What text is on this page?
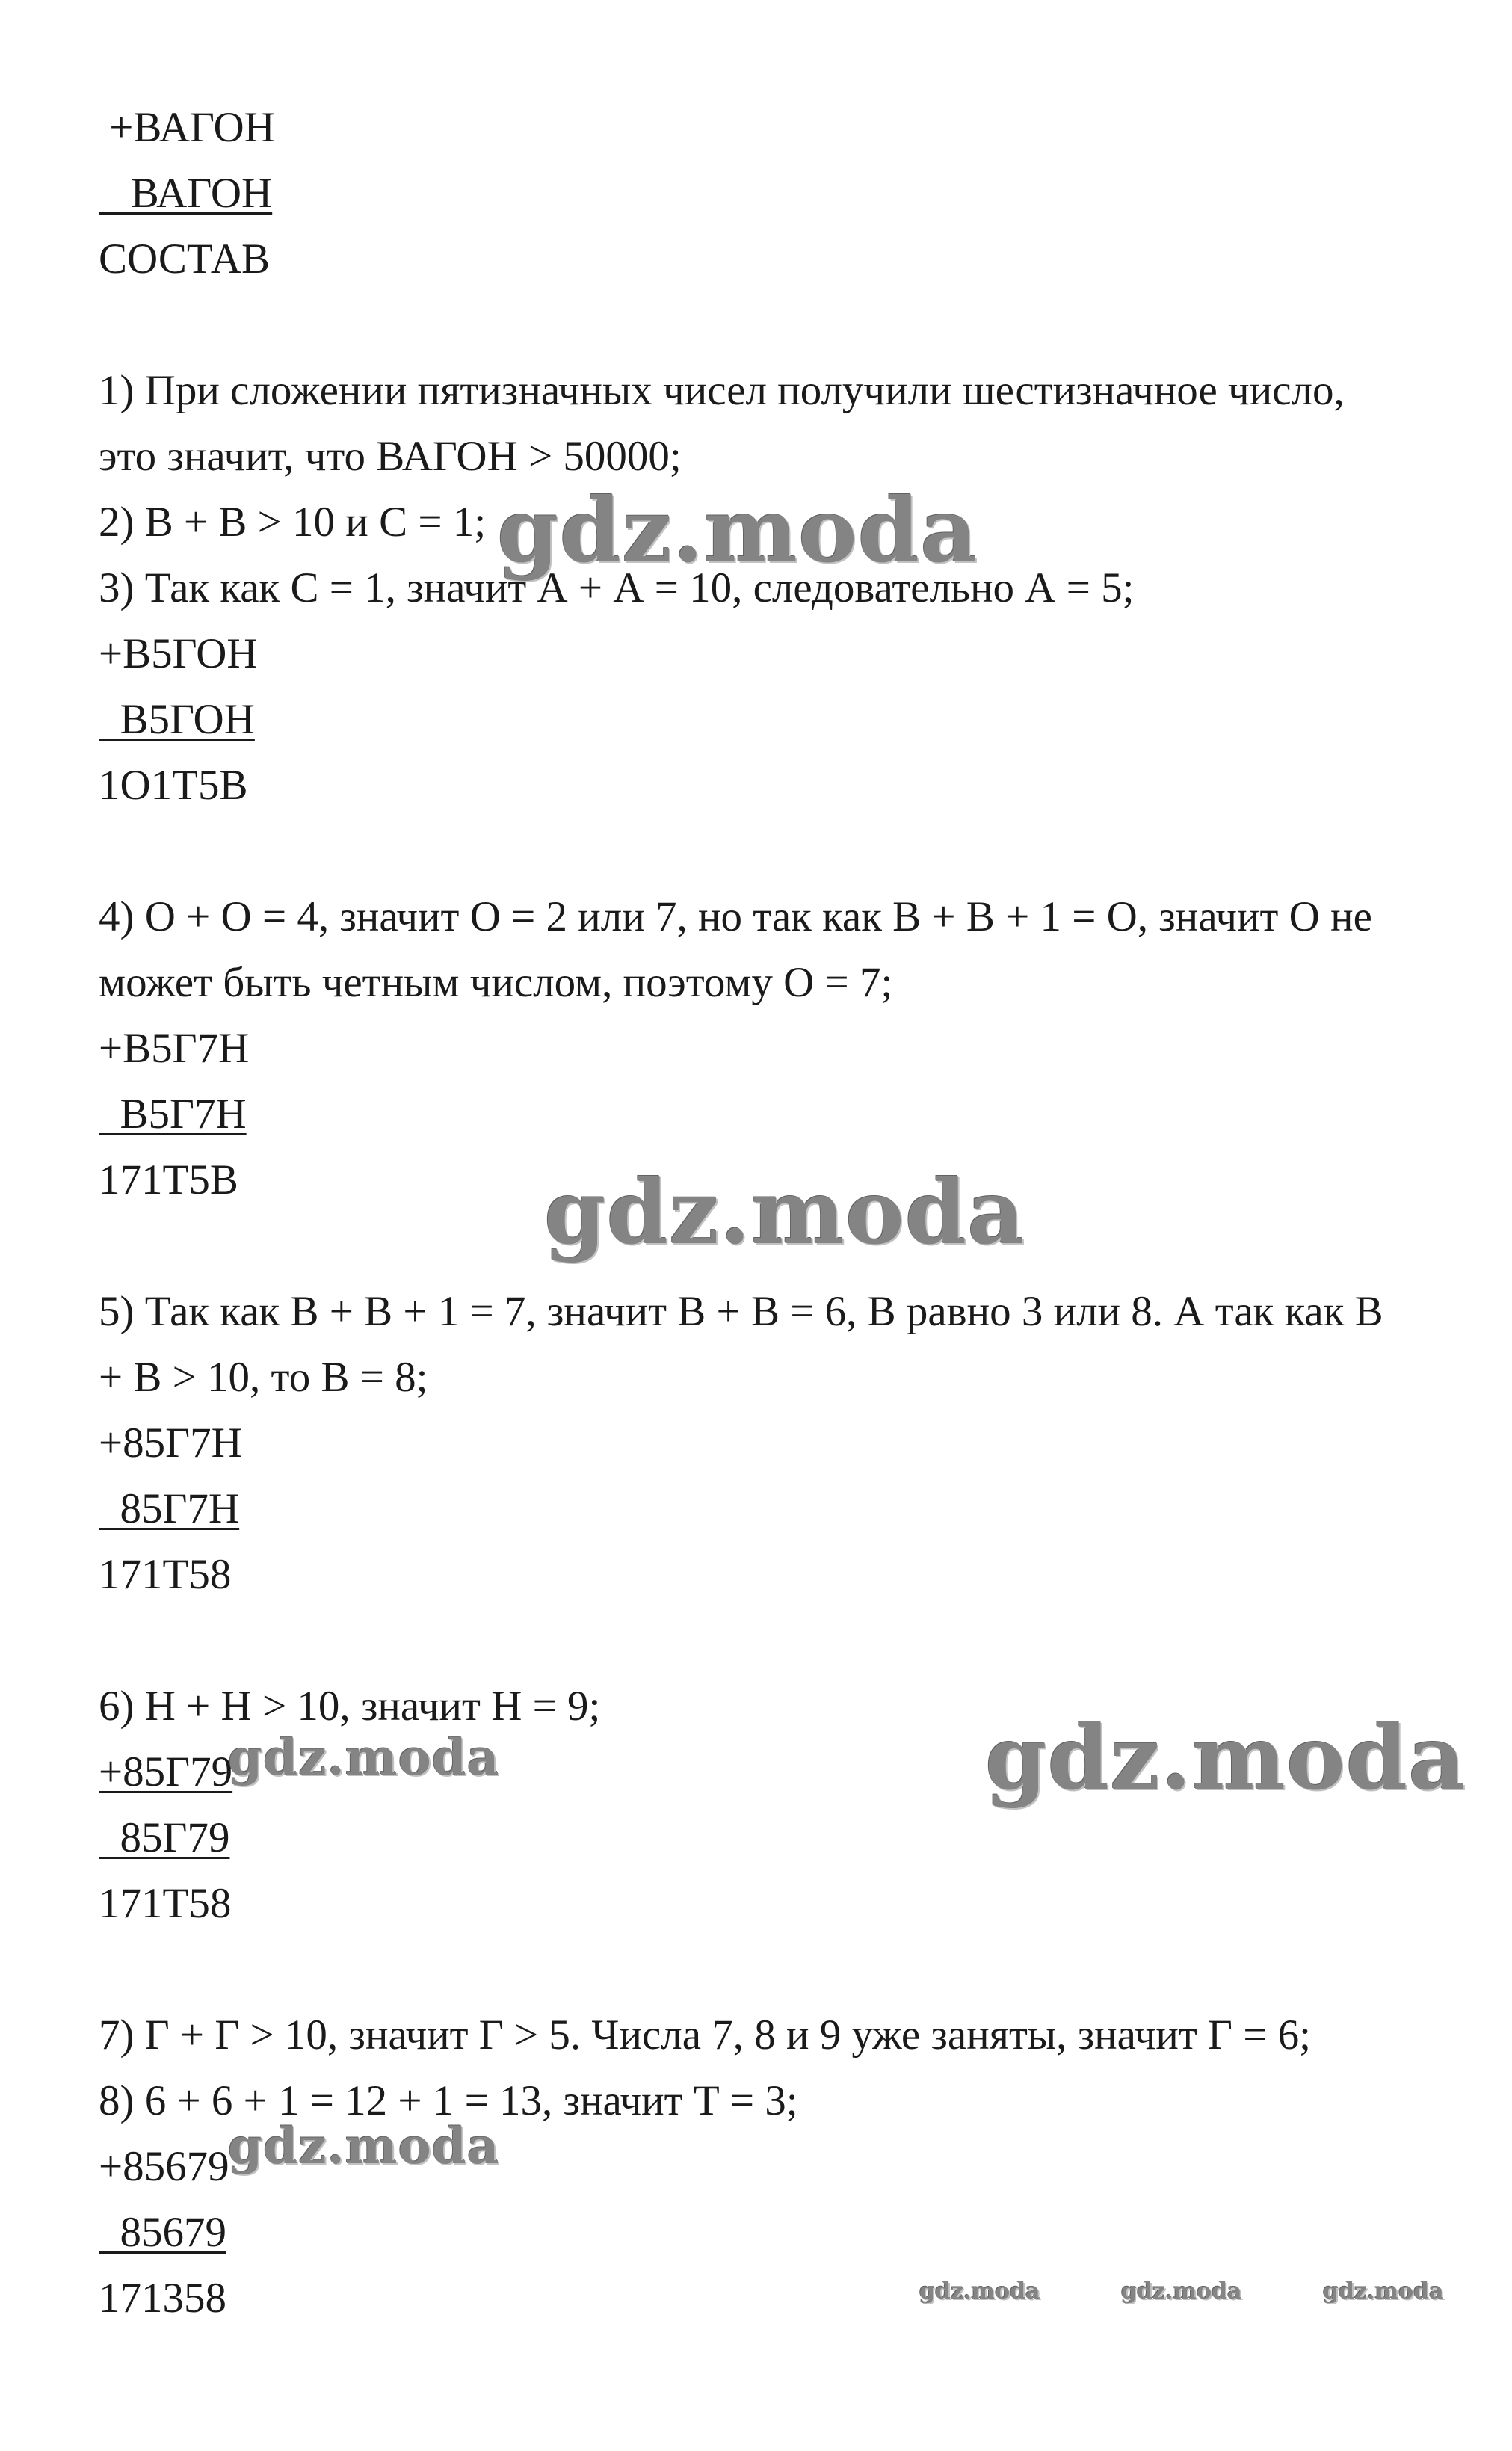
+ВАГОН
ВАГОН
СОСТАВ
1) При сложении пятизначных чисел получили шестизначное число,
это значит, что ВАГОН > 50000;
2) В + В > 10 и С = 1;
3) Так как С = 1, значит А + А = 10, следовательно А = 5;
+В5ГОН
В5ГОН
1О1Т5В
4) О + О = 4, значит О = 2 или 7, но так как В + В + 1 = О, значит О не
может быть четным числом, поэтому О = 7;
+В5Г7Н
В5Г7Н
171Т5В
5) Так как В + В + 1 = 7, значит В + В = 6, В равно 3 или 8. А так как В
+ В > 10, то В = 8;
+85Г7Н
85Г7Н
171Т58
6) Н + Н > 10, значит Н = 9;
+85Г79
85Г79
171Т58
7) Г + Г > 10, значит Г > 5. Числа 7, 8 и 9 уже заняты, значит Г = 6;
8) 6 + 6 + 1 = 12 + 1 = 13, значит Т = 3;
+85679
85679
171358
gdz.moda
gdz.moda
gdz.moda	gdz.moda
gdz.moda
gdz.moda	gdz.moda	gdz.moda
